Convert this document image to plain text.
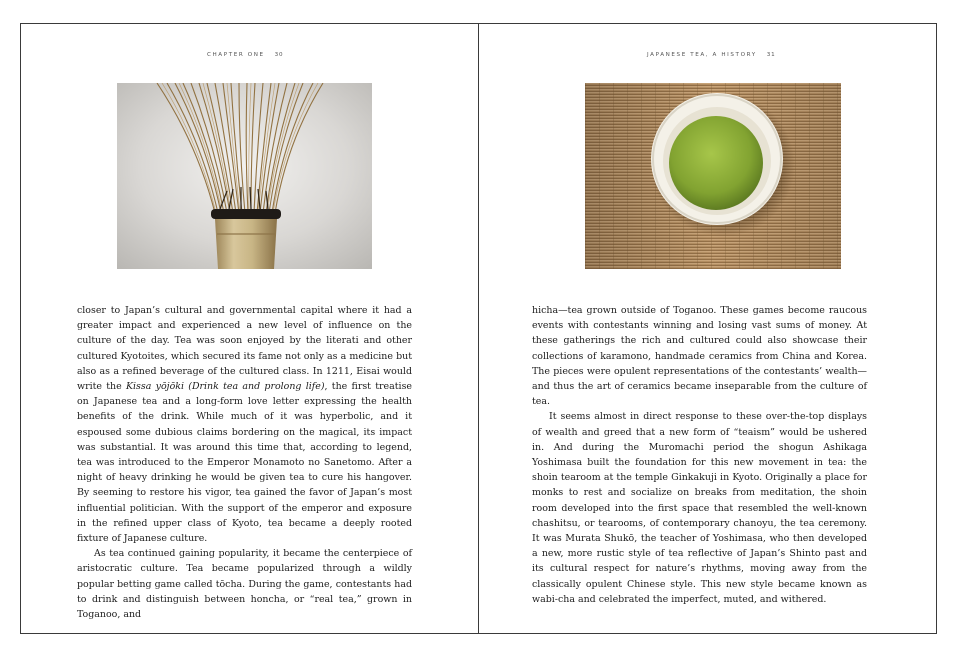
CHAPTER ONE 30

closer to Japan’s cultural and governmental capital where it had a greater impact and experienced a new level of influence on the culture of the day. Tea was soon enjoyed by the literati and other cultured Kyotoites, which secured its fame not only as a medicine but also as a refined beverage of the cultured class. In 1211, Eisai would write the Kissa yōjōki (Drink tea and prolong life), the first treatise on Japanese tea and a long-form love letter expressing the health benefits of the drink. While much of it was hyperbolic, and it espoused some dubious claims bordering on the magical, its impact was substantial. It was around this time that, according to legend, tea was introduced to the Emperor Monamoto no Sanetomo. After a night of heavy drinking he would be given tea to cure his hangover. By seeming to restore his vigor, tea gained the favor of Japan’s most influential politician. With the support of the emperor and exposure in the refined upper class of Kyoto, tea became a deeply rooted fixture of Japanese culture.

As tea continued gaining popularity, it became the centerpiece of aristocratic culture. Tea became popularized through a wildly popular betting game called tōcha. During the game, contestants had to drink and distinguish between honcha, or “real tea,” grown in Toganoo, and

JAPANESE TEA, A HISTORY 31

hicha—tea grown outside of Toganoo. These games become raucous events with contestants winning and losing vast sums of money. At these gatherings the rich and cultured could also showcase their collections of karamono, handmade ceramics from China and Korea. The pieces were opulent representations of the contestants’ wealth—and thus the art of ceramics became inseparable from the culture of tea.

It seems almost in direct response to these over-the-top displays of wealth and greed that a new form of “teaism” would be ushered in. And during the Muromachi period the shogun Ashikaga Yoshimasa built the foundation for this new movement in tea: the shoin tearoom at the temple Ginkakuji in Kyoto. Originally a place for monks to rest and socialize on breaks from meditation, the shoin room developed into the first space that resembled the well-known chashitsu, or tearooms, of contemporary chanoyu, the tea ceremony. It was Murata Shukō, the teacher of Yoshimasa, who then developed a new, more rustic style of tea reflective of Japan’s Shinto past and its cultural respect for nature’s rhythms, moving away from the classically opulent Chinese style. This new style became known as wabi-cha and celebrated the imperfect, muted, and withered.
